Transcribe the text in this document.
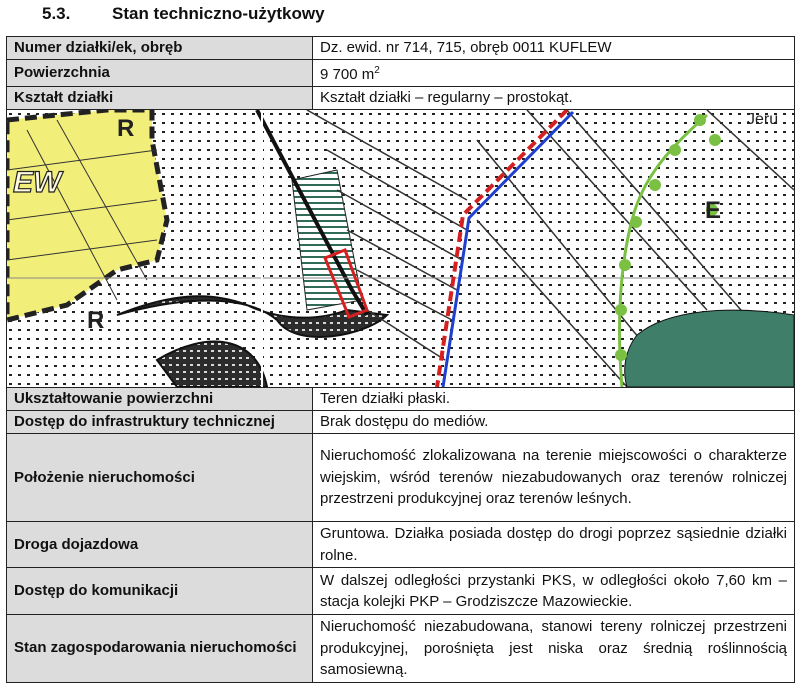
5.3. Stan techniczno-użytkowy
Numer działki/ek, obręb	Dz. ewid. nr 714, 715, obręb 0011 KUFLEW
Powierzchnia	9 700 $m^2$
Kształt działki	Kształt działki – regularny – prostokąt.

R
R
E
Jeru
EW	

Ukształtowanie powierzchni	Teren działki płaski.
Dostęp do infrastruktury technicznej	Brak dostępu do mediów.
Położenie nieruchomości	Nieruchomość zlokalizowana na terenie miejscowości o charakterze wiejskim, wśród terenów niezabudowanych oraz terenów rolniczej przestrzeni produkcyjnej oraz terenów leśnych.
Droga dojazdowa	Gruntowa. Działka posiada dostęp do drogi poprzez sąsiednie działki rolne.
Dostęp do komunikacji	W dalszej odległości przystanki PKS, w odległości około 7,60 km – stacja kolejki PKP – Grodziszcze Mazowieckie.
Stan zagospodarowania nieruchomości	Nieruchomość niezabudowana, stanowi tereny rolniczej przestrzeni produkcyjnej, porośnięta jest niska oraz średnią roślinnością samosiewną.
